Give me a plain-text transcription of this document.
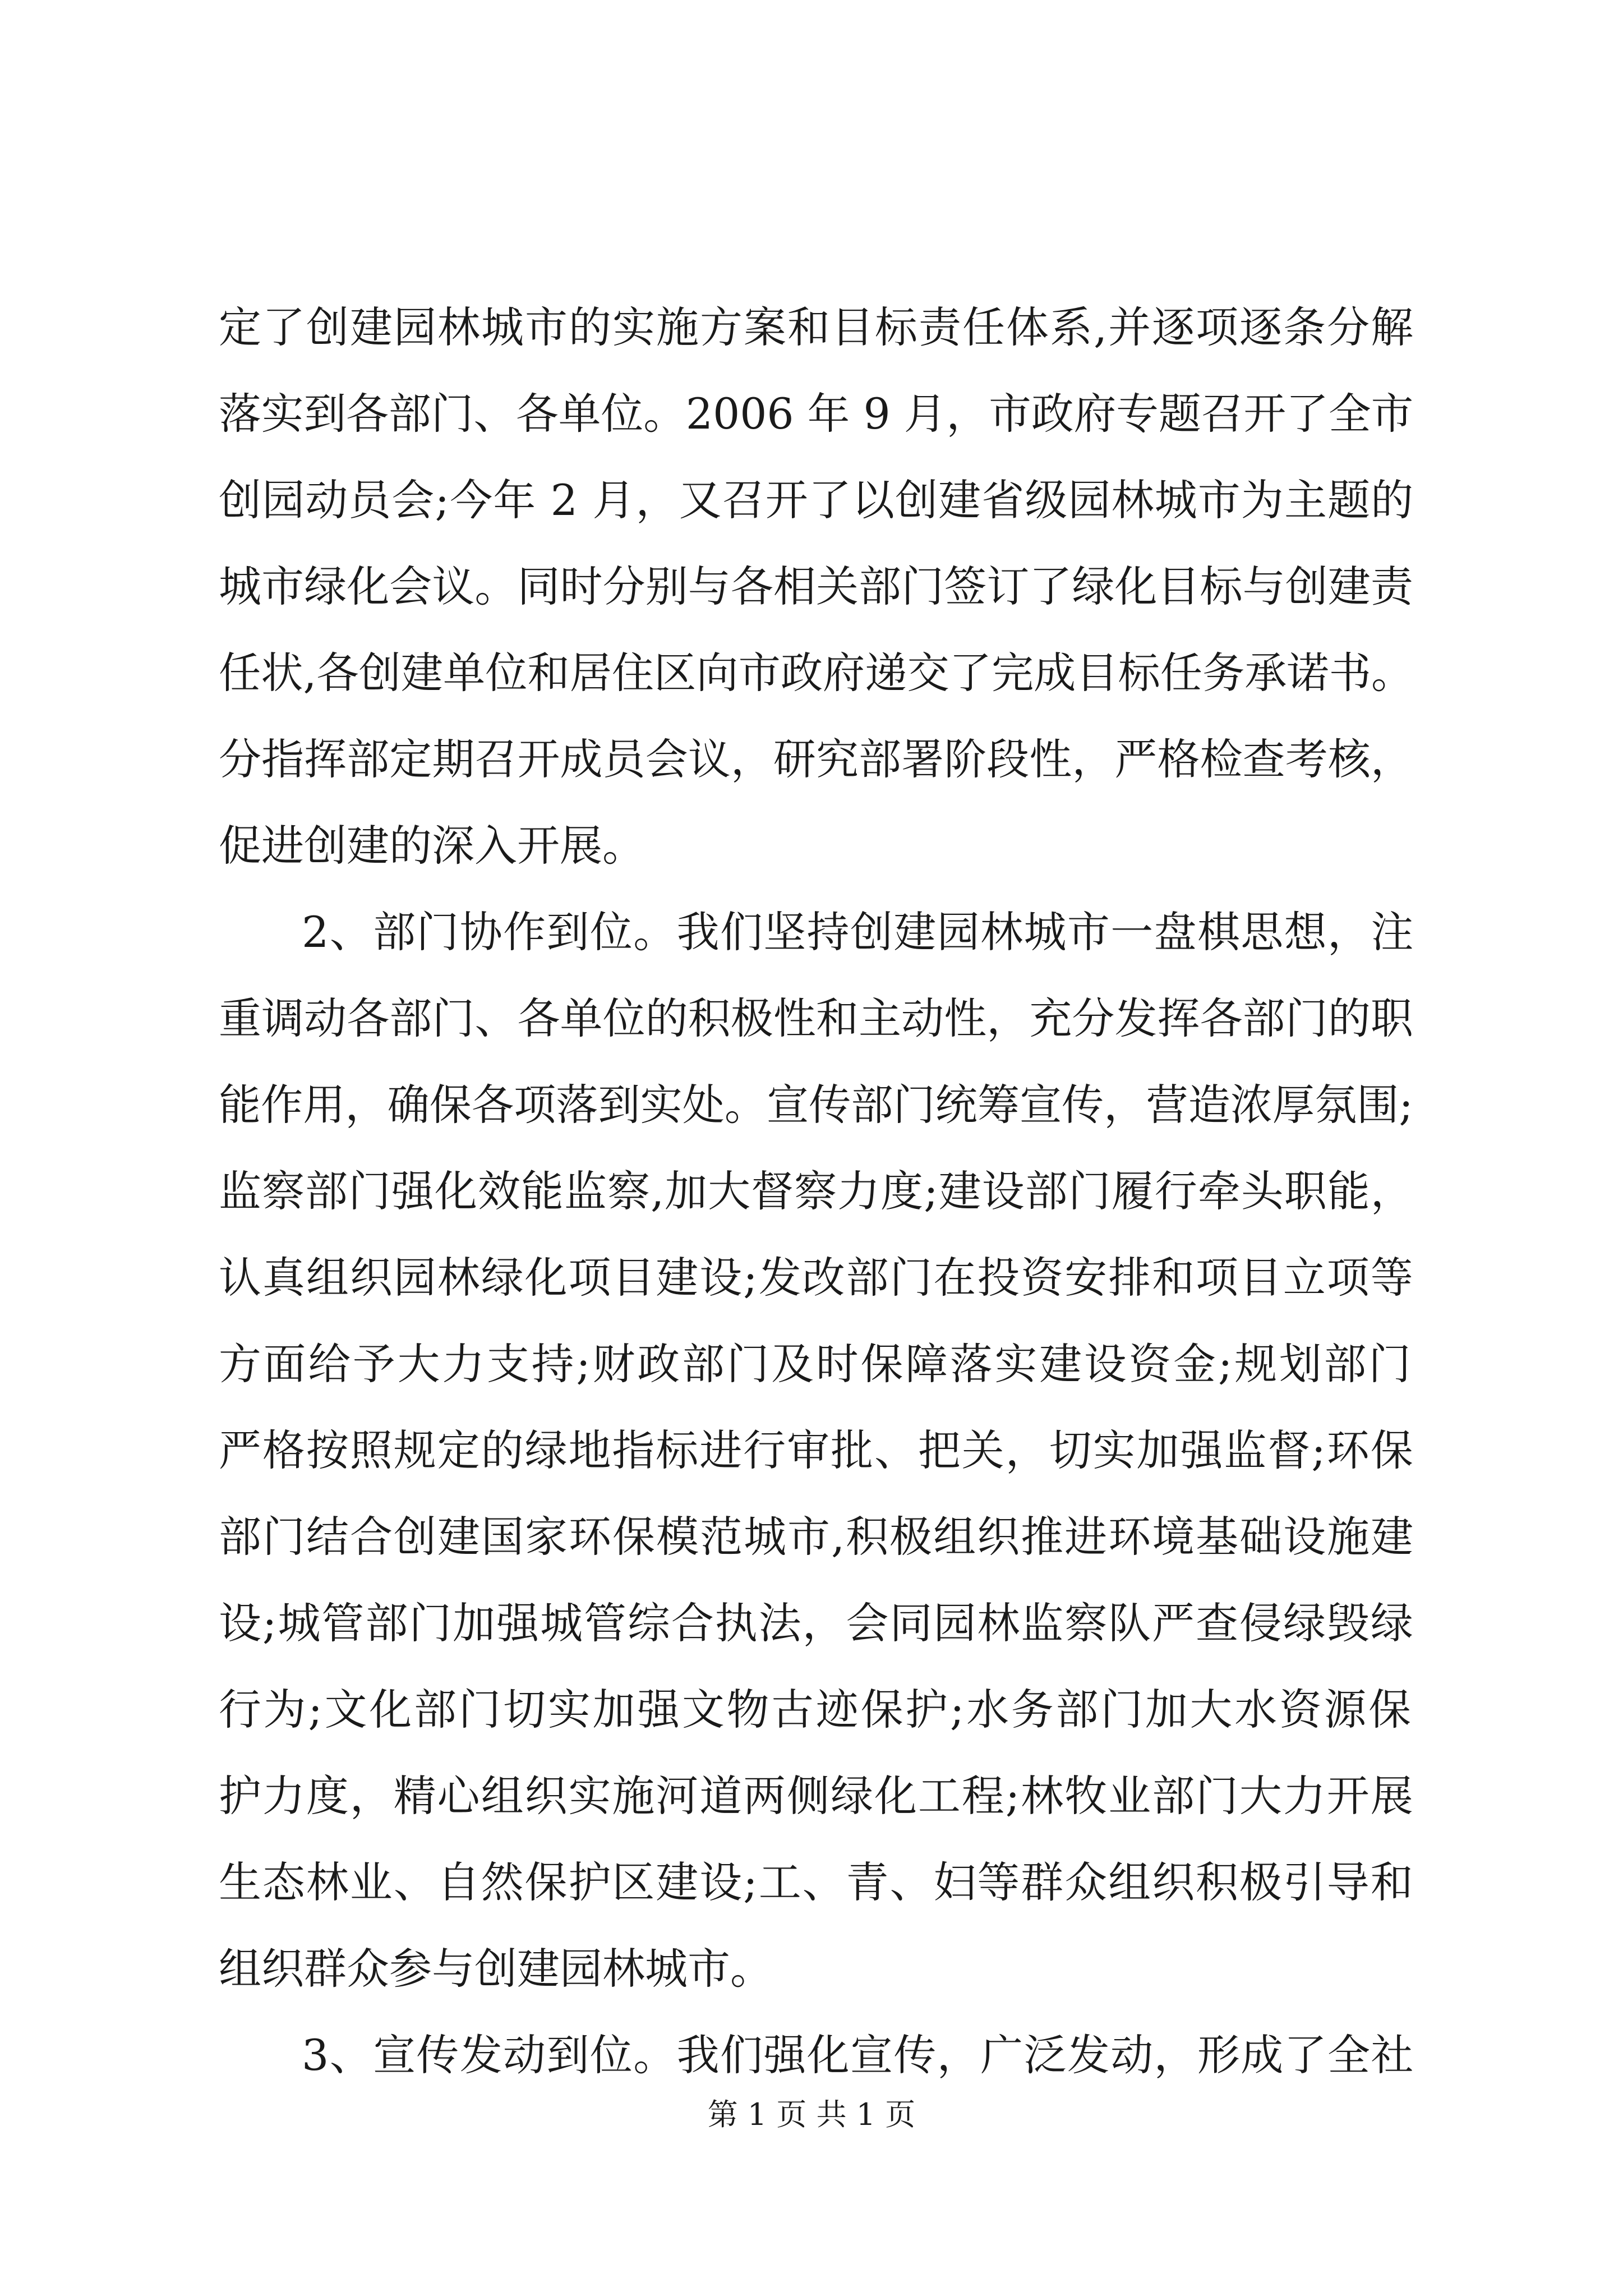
定了创建园林城市的实施方案和目标责任体系,并逐项逐条分解
落实到各部门、各单位。2006 年 9 月，市政府专题召开了全市
创园动员会;今年 2 月，又召开了以创建省级园林城市为主题的
城市绿化会议。同时分别与各相关部门签订了绿化目标与创建责
任状,各创建单位和居住区向市政府递交了完成目标任务承诺书。
分指挥部定期召开成员会议，研究部署阶段性，严格检查考核，
促进创建的深入开展。
2、部门协作到位。我们坚持创建园林城市一盘棋思想，注
重调动各部门、各单位的积极性和主动性，充分发挥各部门的职
能作用，确保各项落到实处。宣传部门统筹宣传，营造浓厚氛围;
监察部门强化效能监察,加大督察力度;建设部门履行牵头职能，
认真组织园林绿化项目建设;发改部门在投资安排和项目立项等
方面给予大力支持;财政部门及时保障落实建设资金;规划部门
严格按照规定的绿地指标进行审批、把关，切实加强监督;环保
部门结合创建国家环保模范城市,积极组织推进环境基础设施建
设;城管部门加强城管综合执法，会同园林监察队严查侵绿毁绿
行为;文化部门切实加强文物古迹保护;水务部门加大水资源保
护力度，精心组织实施河道两侧绿化工程;林牧业部门大力开展
生态林业、自然保护区建设;工、青、妇等群众组织积极引导和
组织群众参与创建园林城市。
3、宣传发动到位。我们强化宣传，广泛发动，形成了全社
第 1 页 共 1 页
